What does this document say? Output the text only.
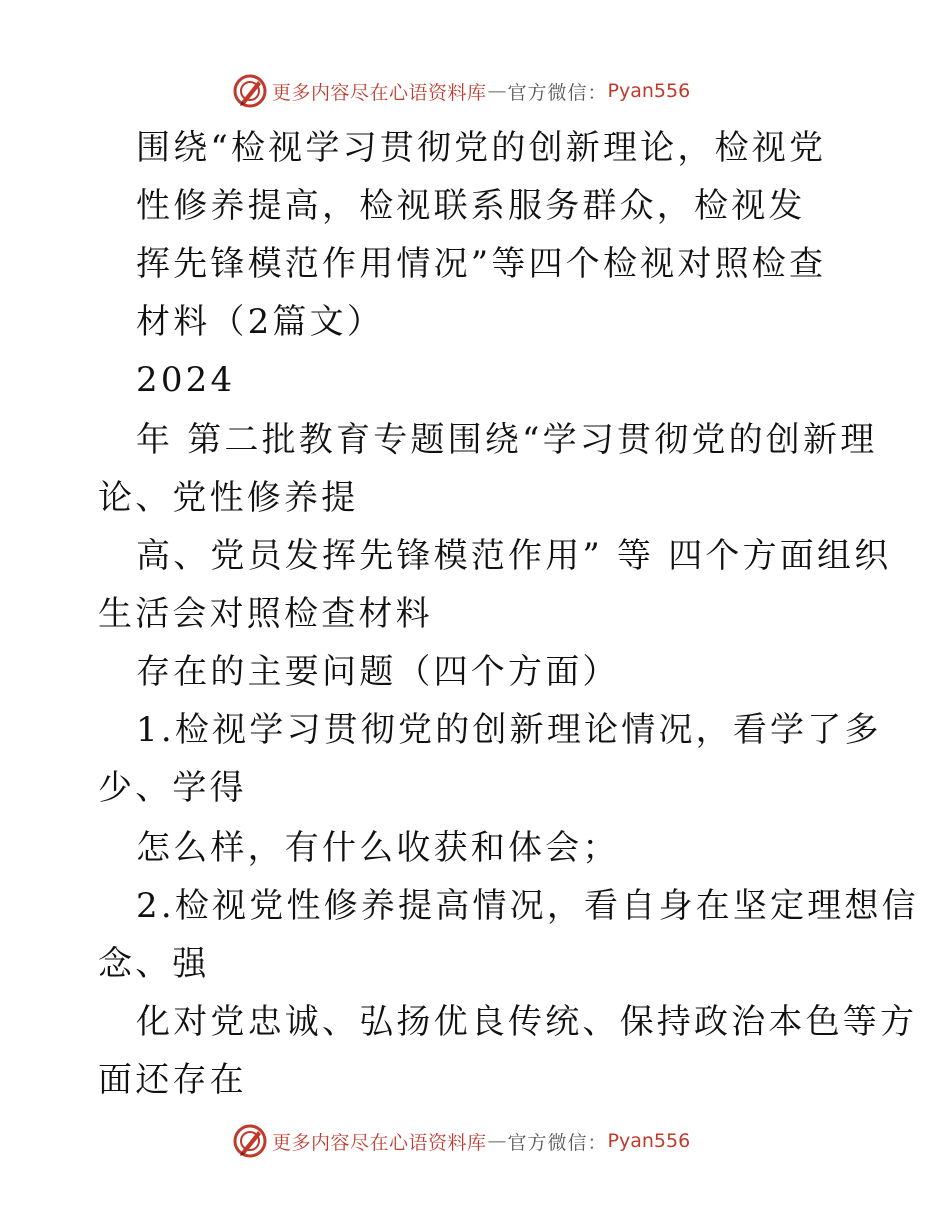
更多内容尽在心语资料库 — 官方微信： Pyan556
围绕“检视学习贯彻党的创新理论，检视党
性修养提高，检视联系服务群众，检视发
挥先锋模范作用情况”等四个检视对照检查
材料（2篇文）
2024
年 第二批教育专题围绕“学习贯彻党的创新理
论、党性修养提
高、党员发挥先锋模范作用” 等 四个方面组织
生活会对照检查材料
存在的主要问题（四个方面）
1.检视学习贯彻党的创新理论情况，看学了多
少、学得
怎么样，有什么收获和体会；
2.检视党性修养提高情况，看自身在坚定理想信
念、强
化对党忠诚、弘扬优良传统、保持政治本色等方
面还存在
更多内容尽在心语资料库 — 官方微信： Pyan556
